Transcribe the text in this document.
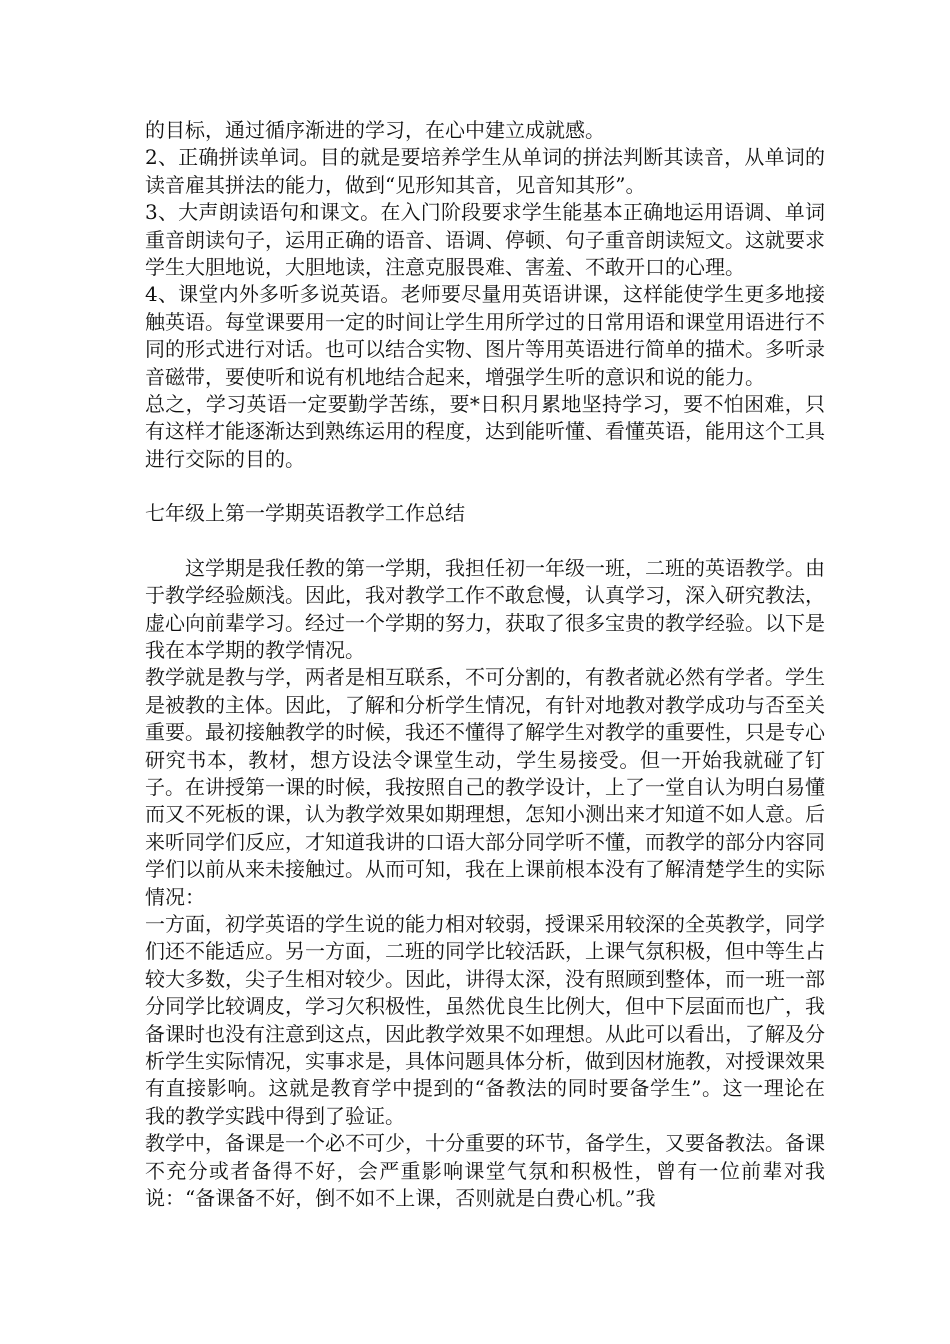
的目标，通过循序渐进的学习，在心中建立成就感。

2、正确拼读单词。目的就是要培养学生从单词的拼法判断其读音，从单词的读音雇其拼法的能力，做到“见形知其音，见音知其形”。

3、大声朗读语句和课文。在入门阶段要求学生能基本正确地运用语调、单词重音朗读句子，运用正确的语音、语调、停顿、句子重音朗读短文。这就要求学生大胆地说，大胆地读，注意克服畏难、害羞、不敢开口的心理。

4、课堂内外多听多说英语。老师要尽量用英语讲课，这样能使学生更多地接触英语。每堂课要用一定的时间让学生用所学过的日常用语和课堂用语进行不同的形式进行对话。也可以结合实物、图片等用英语进行简单的描术。多听录音磁带，要使听和说有机地结合起来，增强学生听的意识和说的能力。

总之，学习英语一定要勤学苦练，要*日积月累地坚持学习，要不怕困难，只有这样才能逐渐达到熟练运用的程度，达到能听懂、看懂英语，能用这个工具进行交际的目的。

七年级上第一学期英语教学工作总结

这学期是我任教的第一学期，我担任初一年级一班，二班的英语教学。由于教学经验颇浅。因此，我对教学工作不敢怠慢，认真学习，深入研究教法，虚心向前辈学习。经过一个学期的努力，获取了很多宝贵的教学经验。以下是我在本学期的教学情况。

教学就是教与学，两者是相互联系，不可分割的，有教者就必然有学者。学生是被教的主体。因此，了解和分析学生情况，有针对地教对教学成功与否至关重要。最初接触教学的时候，我还不懂得了解学生对教学的重要性，只是专心研究书本，教材，想方设法令课堂生动，学生易接受。但一开始我就碰了钉子。在讲授第一课的时候，我按照自己的教学设计，上了一堂自认为明白易懂而又不死板的课，认为教学效果如期理想，怎知小测出来才知道不如人意。后来听同学们反应，才知道我讲的口语大部分同学听不懂，而教学的部分内容同学们以前从来未接触过。从而可知，我在上课前根本没有了解清楚学生的实际情况：

一方面，初学英语的学生说的能力相对较弱，授课采用较深的全英教学，同学们还不能适应。另一方面，二班的同学比较活跃，上课气氛积极，但中等生占较大多数，尖子生相对较少。因此，讲得太深，没有照顾到整体，而一班一部分同学比较调皮，学习欠积极性，虽然优良生比例大，但中下层面而也广，我备课时也没有注意到这点，因此教学效果不如理想。从此可以看出，了解及分析学生实际情况，实事求是，具体问题具体分析，做到因材施教，对授课效果有直接影响。这就是教育学中提到的“备教法的同时要备学生”。这一理论在我的教学实践中得到了验证。

教学中，备课是一个必不可少，十分重要的环节，备学生，又要备教法。备课不充分或者备得不好，会严重影响课堂气氛和积极性，曾有一位前辈对我说：“备课备不好，倒不如不上课，否则就是白费心机。”我
